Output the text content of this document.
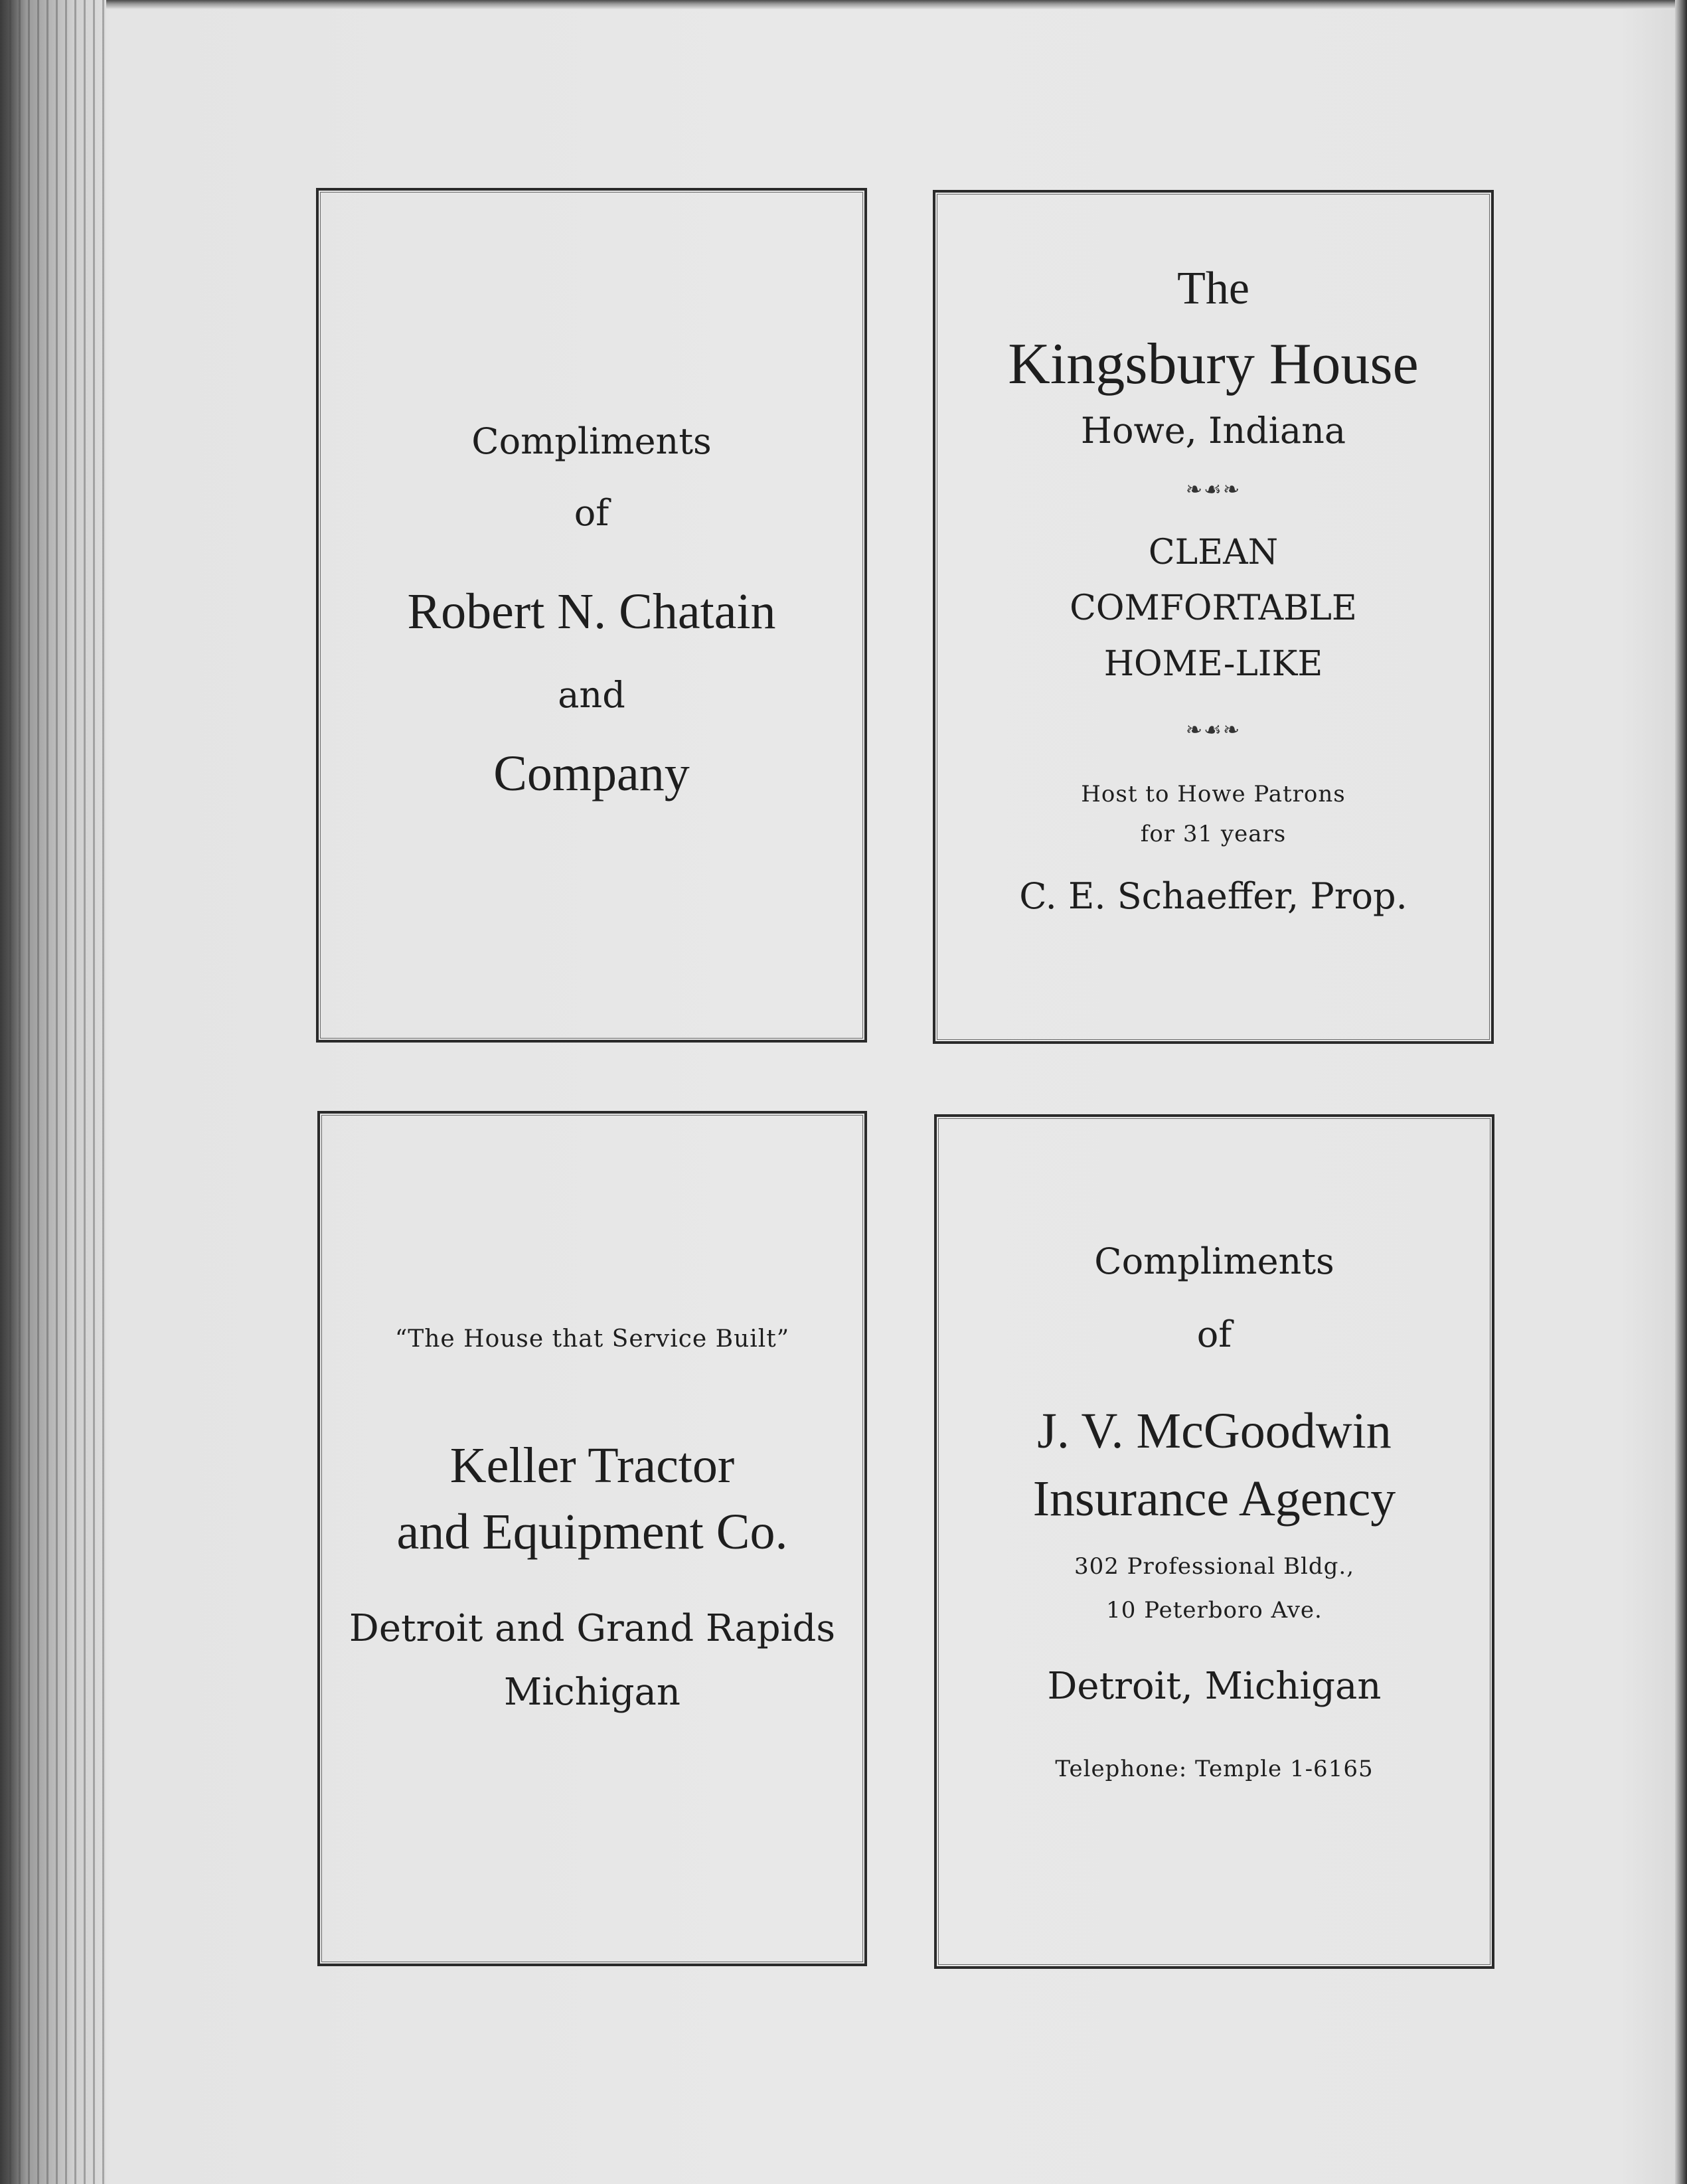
Compliments
of
Robert N. Chatain
and
Company
The
Kingsbury House
Howe, Indiana
❧☙❧
CLEAN
COMFORTABLE
HOME-LIKE
❧☙❧
Host to Howe Patrons
for 31 years
C. E. Schaeffer, Prop.
“The House that Service Built”
Keller Tractor
and Equipment Co.
Detroit and Grand Rapids
Michigan
Compliments
of
J. V. McGoodwin
Insurance Agency
302 Professional Bldg.,
10 Peterboro Ave.
Detroit, Michigan
Telephone: Temple 1-6165
